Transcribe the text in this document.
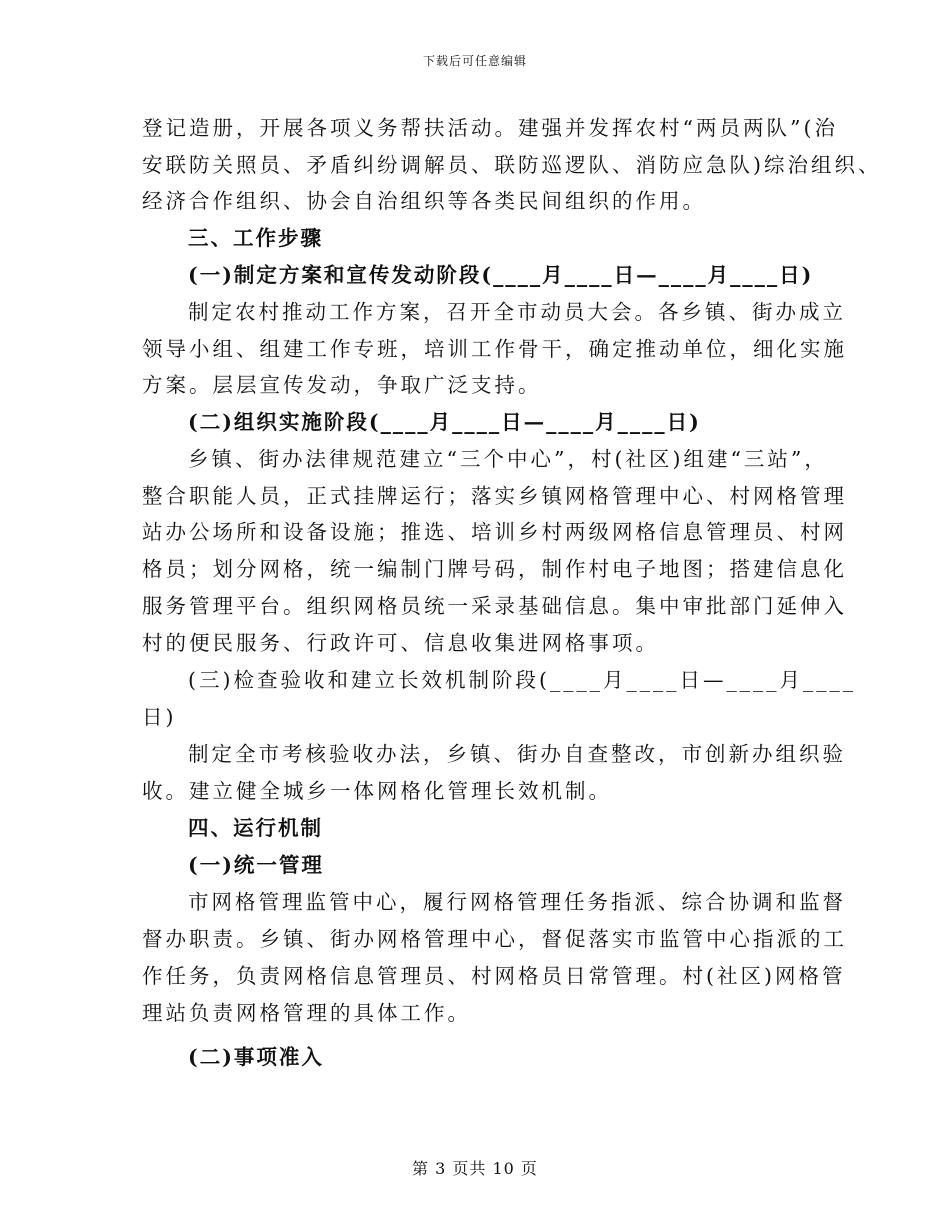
下载后可任意编辑
登记造册，开展各项义务帮扶活动。建强并发挥农村“两员两队”(治
安联防关照员、矛盾纠纷调解员、联防巡逻队、消防应急队)综治组织、
经济合作组织、协会自治组织等各类民间组织的作用。
三、工作步骤
(一)制定方案和宣传发动阶段(____月____日—____月____日)
制定农村推动工作方案，召开全市动员大会。各乡镇、街办成立
领导小组、组建工作专班，培训工作骨干，确定推动单位，细化实施
方案。层层宣传发动，争取广泛支持。
(二)组织实施阶段(____月____日—____月____日)
乡镇、街办法律规范建立“三个中心”，村(社区)组建“三站”，
整合职能人员，正式挂牌运行；落实乡镇网格管理中心、村网格管理
站办公场所和设备设施；推选、培训乡村两级网格信息管理员、村网
格员；划分网格，统一编制门牌号码，制作村电子地图；搭建信息化
服务管理平台。组织网格员统一采录基础信息。集中审批部门延伸入
村的便民服务、行政许可、信息收集进网格事项。
(三)检查验收和建立长效机制阶段(____月____日—____月____
日)
制定全市考核验收办法，乡镇、街办自查整改，市创新办组织验
收。建立健全城乡一体网格化管理长效机制。
四、运行机制
(一)统一管理
市网格管理监管中心，履行网格管理任务指派、综合协调和监督
督办职责。乡镇、街办网格管理中心，督促落实市监管中心指派的工
作任务，负责网格信息管理员、村网格员日常管理。村(社区)网格管
理站负责网格管理的具体工作。
(二)事项准入
第 3 页共 10 页
